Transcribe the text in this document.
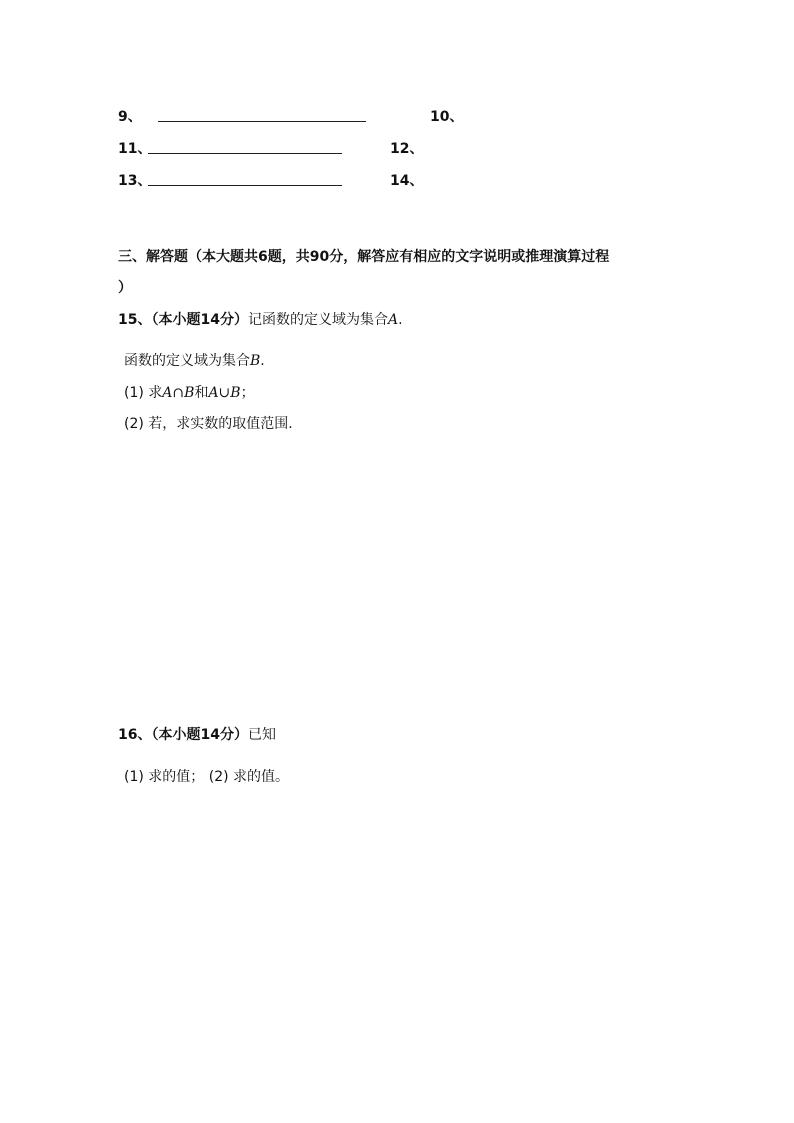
9、	10、
11、	12、
13、	14、
三、解答题（本大题共6题，共90分，解答应有相应的文字说明或推理演算过程
）
15、（本小题14分）记函数的定义域为集合A.
函数的定义域为集合B.
(1) 求A∩B和A∪B；
(2) 若，求实数的取值范围.
16、（本小题14分）已知
(1) 求的值； (2) 求的值。
